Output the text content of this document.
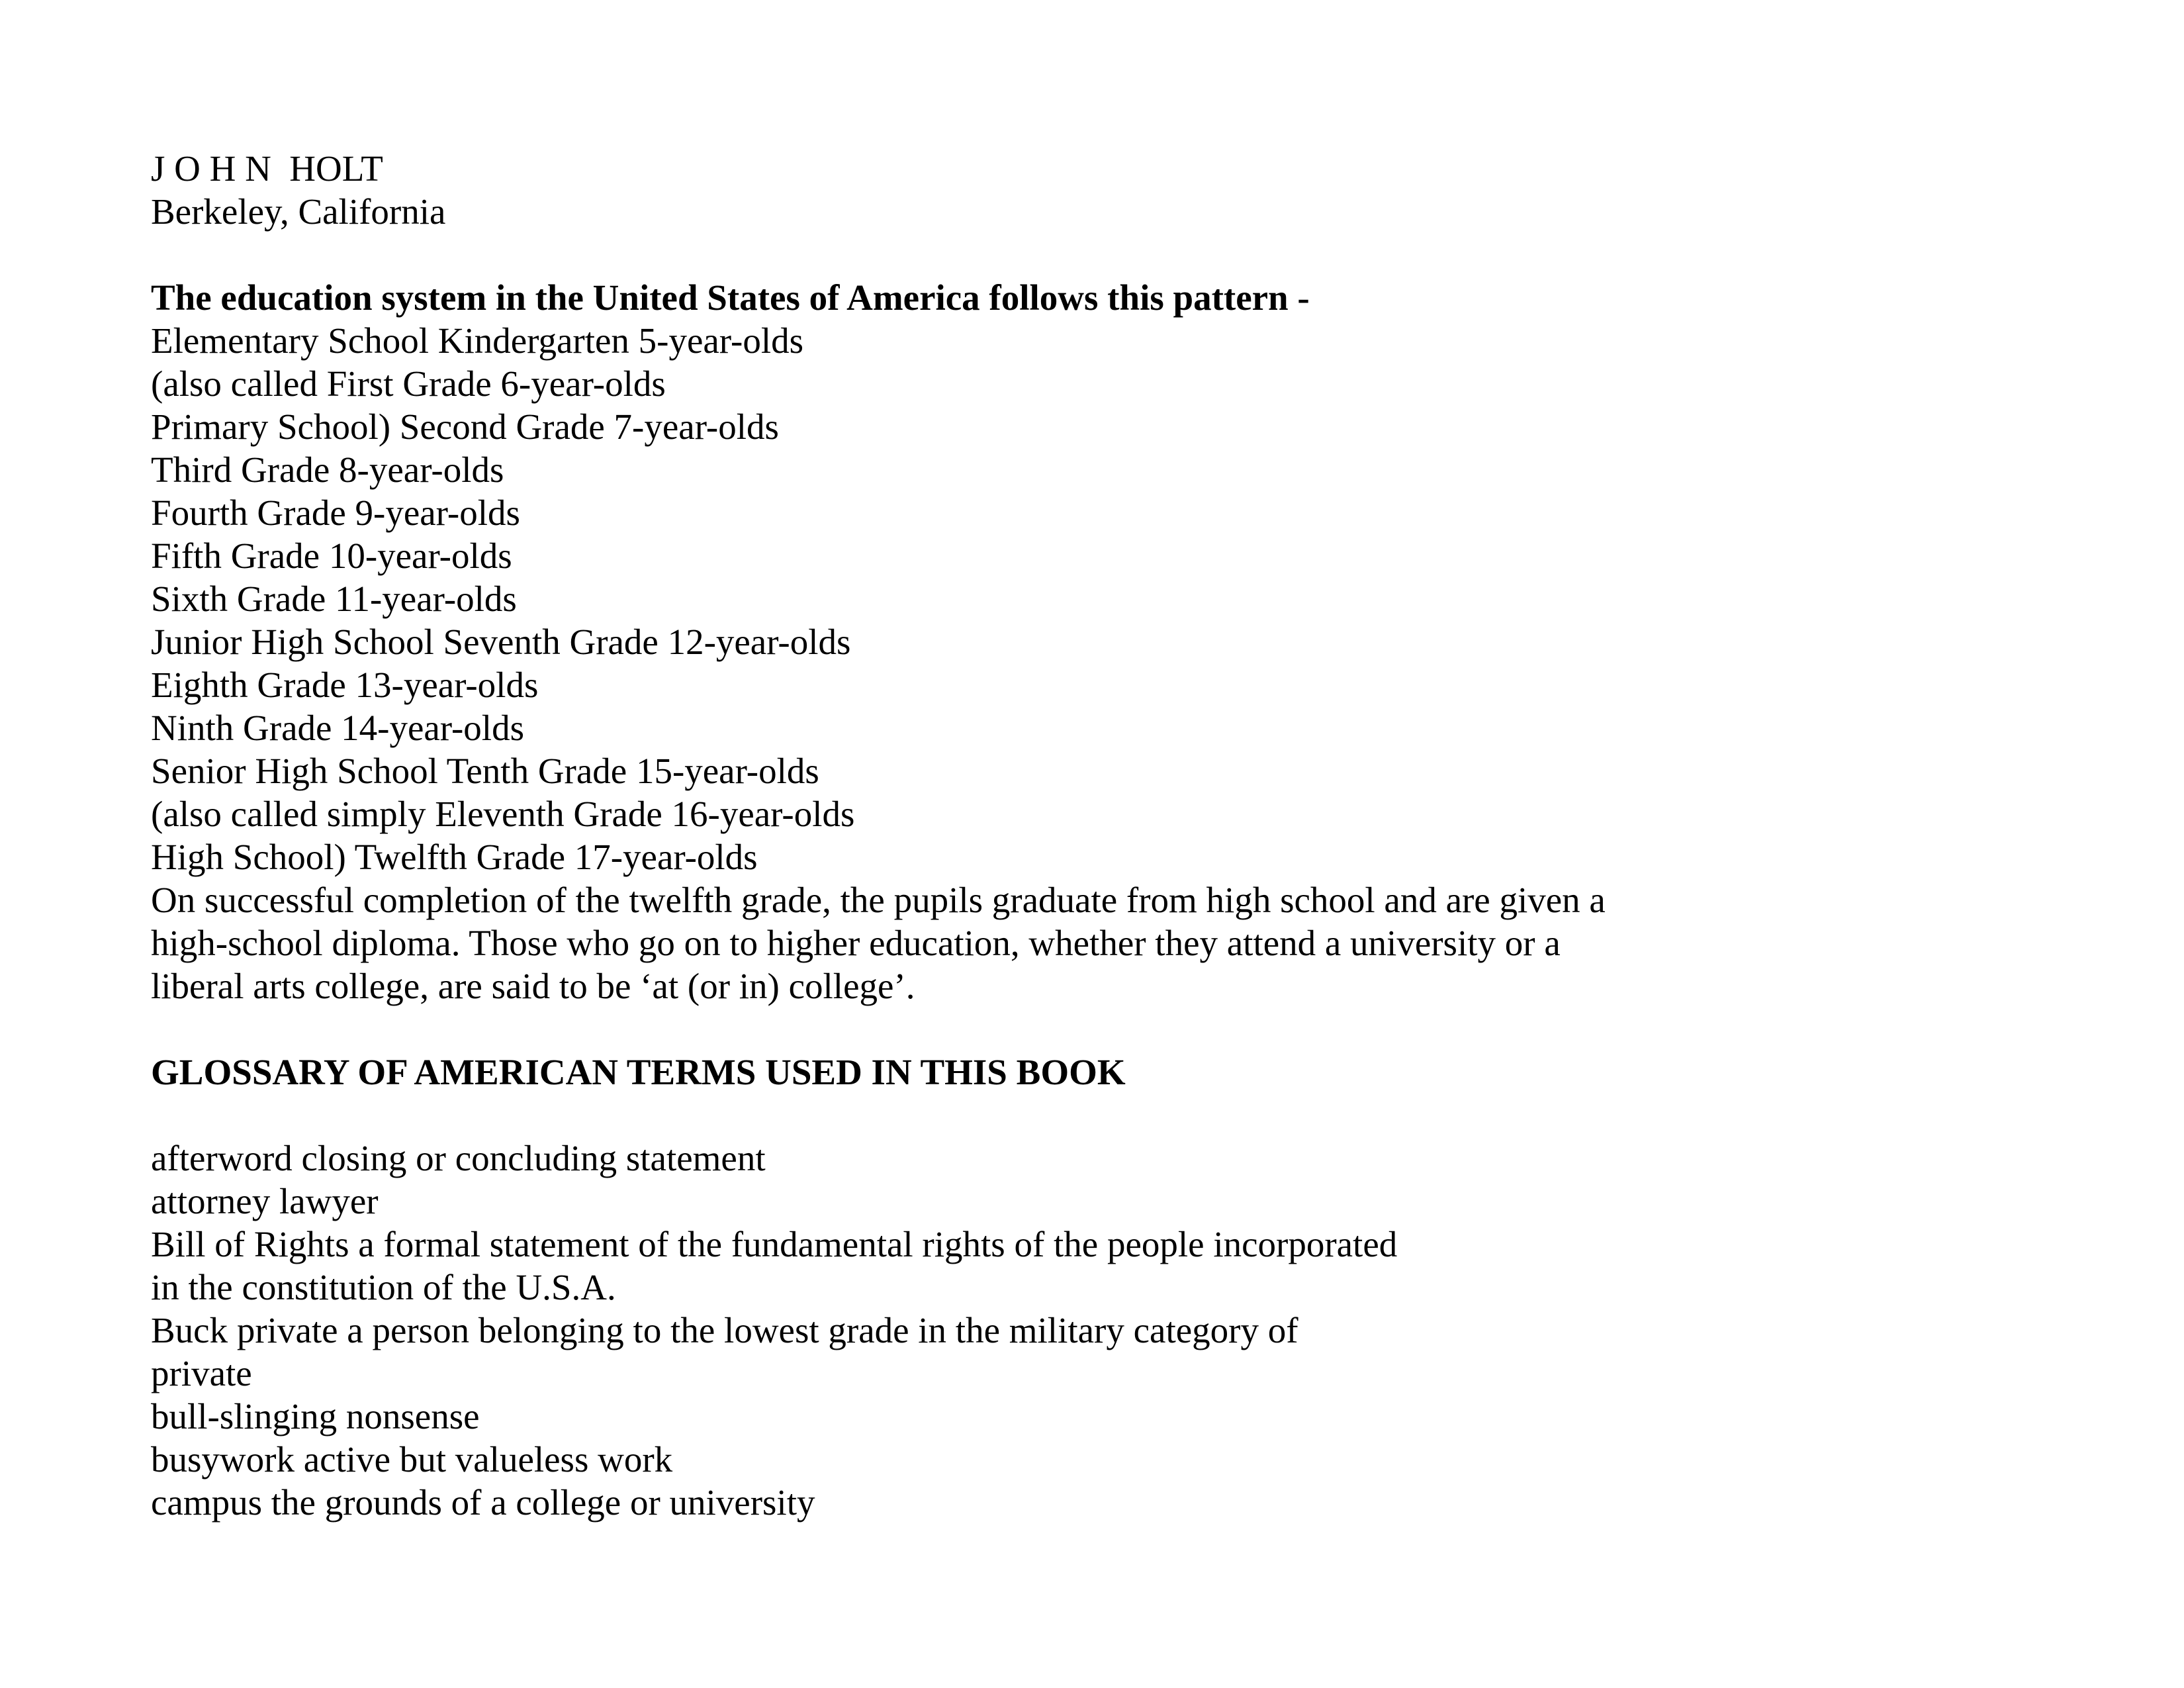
J O H N  HOLT
Berkeley, California
The education system in the United States of America follows this pattern -
Elementary School Kindergarten 5-year-olds
(also called First Grade 6-year-olds
Primary School) Second Grade 7-year-olds
Third Grade 8-year-olds
Fourth Grade 9-year-olds
Fifth Grade 10-year-olds
Sixth Grade 11-year-olds
Junior High School Seventh Grade 12-year-olds
Eighth Grade 13-year-olds
Ninth Grade 14-year-olds
Senior High School Tenth Grade 15-year-olds
(also called simply Eleventh Grade 16-year-olds
High School) Twelfth Grade 17-year-olds
On successful completion of the twelfth grade, the pupils graduate from high school and are given a
high-school diploma. Those who go on to higher education, whether they attend a university or a
liberal arts college, are said to be ‘at (or in) college’.
GLOSSARY OF AMERICAN TERMS USED IN THIS BOOK
afterword closing or concluding statement
attorney lawyer
Bill of Rights a formal statement of the fundamental rights of the people incorporated
in the constitution of the U.S.A.
Buck private a person belonging to the lowest grade in the military category of
private
bull-slinging nonsense
busywork active but valueless work
campus the grounds of a college or university
